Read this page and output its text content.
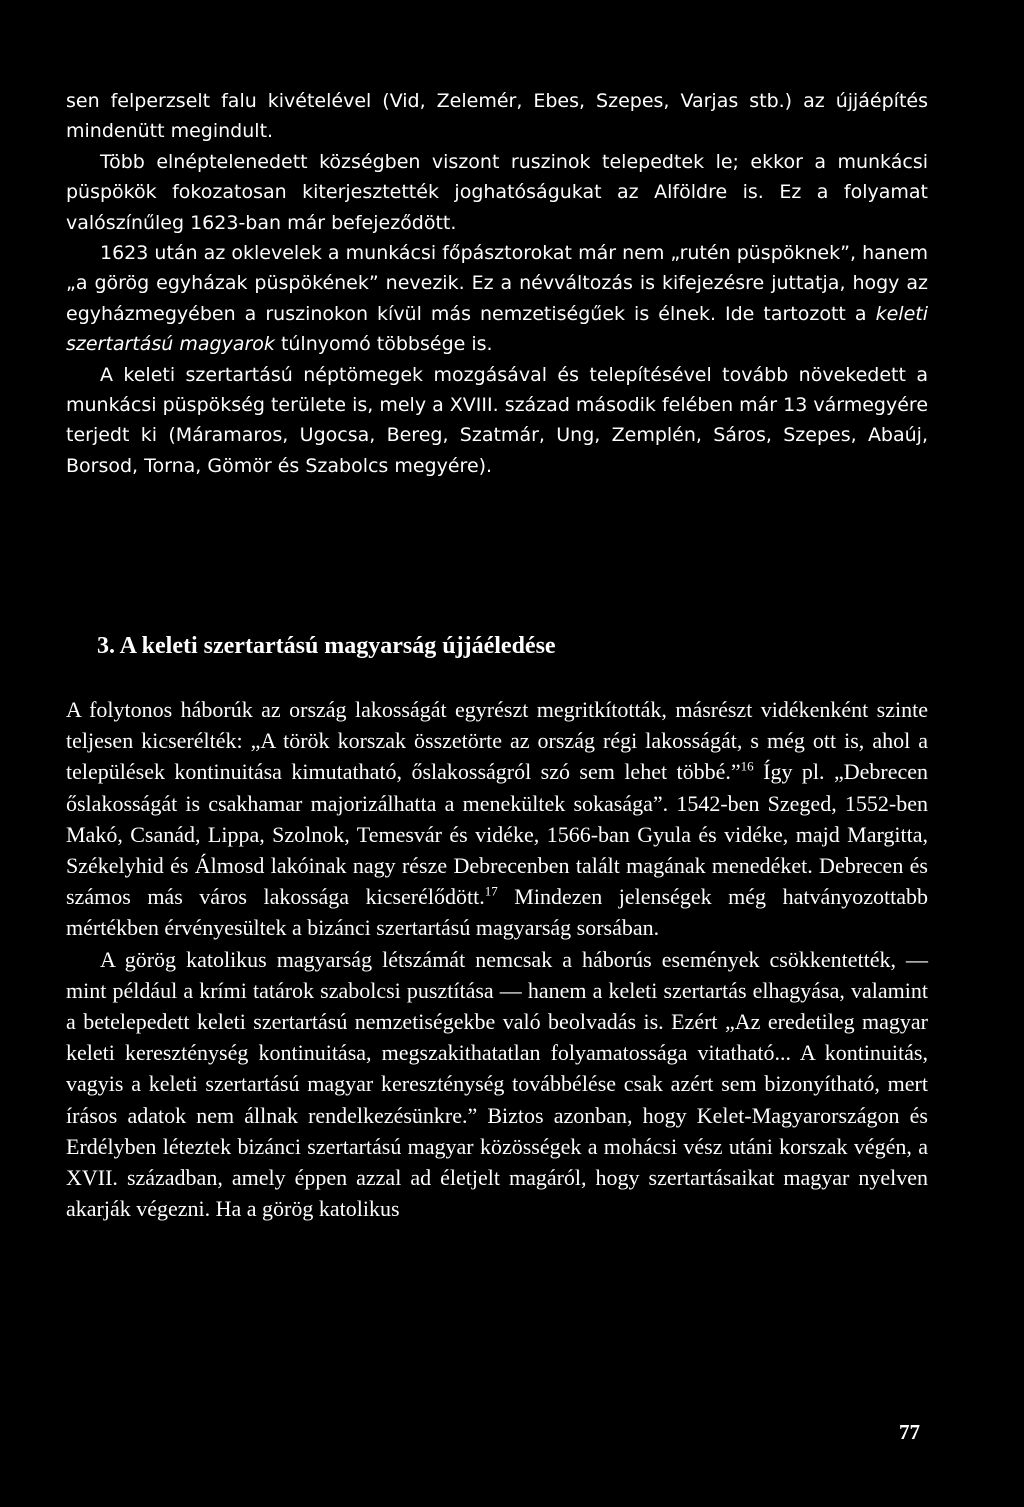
sen felperzselt falu kivételével (Vid, Zelemér, Ebes, Szepes, Varjas stb.) az újjáépítés mindenütt megindult.

Több elnéptelenedett községben viszont ruszinok telepedtek le; ekkor a munkácsi püspökök fokozatosan kiterjesztették joghatóságukat az Alföldre is. Ez a folyamat valószínűleg 1623-ban már befejeződött.

1623 után az oklevelek a munkácsi főpásztorokat már nem „rutén püspöknek”, hanem „a görög egyházak püspökének” nevezik. Ez a névváltozás is kifejezésre juttatja, hogy az egyházmegyében a ruszinokon kívül más nemzetiségűek is élnek. Ide tartozott a keleti szertartású magyarok túlnyomó többsége is.

A keleti szertartású néptömegek mozgásával és telepítésével tovább növekedett a munkácsi püspökség területe is, mely a XVIII. század második felében már 13 vármegyére terjedt ki (Máramaros, Ugocsa, Bereg, Szatmár, Ung, Zemplén, Sáros, Szepes, Abaúj, Borsod, Torna, Gömör és Szabolcs megyére).

3. A keleti szertartású magyarság újjáéledése

A folytonos háborúk az ország lakosságát egyrészt megritkították, másrészt vidékenként szinte teljesen kicserélték: „A török korszak összetörte az ország régi lakosságát, s még ott is, ahol a települések kontinuitása kimutatható, őslakosságról szó sem lehet többé.”$^{16}$ Így pl. „Debrecen őslakosságát is csakhamar majorizálhatta a menekültek sokasága”. 1542-ben Szeged, 1552-ben Makó, Csanád, Lippa, Szolnok, Temesvár és vidéke, 1566-ban Gyula és vidéke, majd Margitta, Székelyhid és Álmosd lakóinak nagy része Debrecenben talált magának menedéket. Debrecen és számos más város lakossága kicserélődött.$^{17}$ Mindezen jelenségek még hatványozottabb mértékben érvényesültek a bizánci szertartású magyarság sorsában.

A görög katolikus magyarság létszámát nemcsak a háborús események csökkentették, — mint például a krími tatárok szabolcsi pusztítása — hanem a keleti szertartás elhagyása, valamint a betelepedett keleti szertartású nemzetiségekbe való beolvadás is. Ezért „Az eredetileg magyar keleti kereszténység kontinuitása, megszakithatatlan folyamatossága vitatható... A kontinuitás, vagyis a keleti szertartású magyar kereszténység továbbélése csak azért sem bizonyítható, mert írásos adatok nem állnak rendelkezésünkre.” Biztos azonban, hogy Kelet-Magyarországon és Erdélyben léteztek bizánci szertartású magyar közösségek a mohácsi vész utáni korszak végén, a XVII. században, amely éppen azzal ad életjelt magáról, hogy szertartásaikat magyar nyelven akarják végezni. Ha a görög katolikus

77
